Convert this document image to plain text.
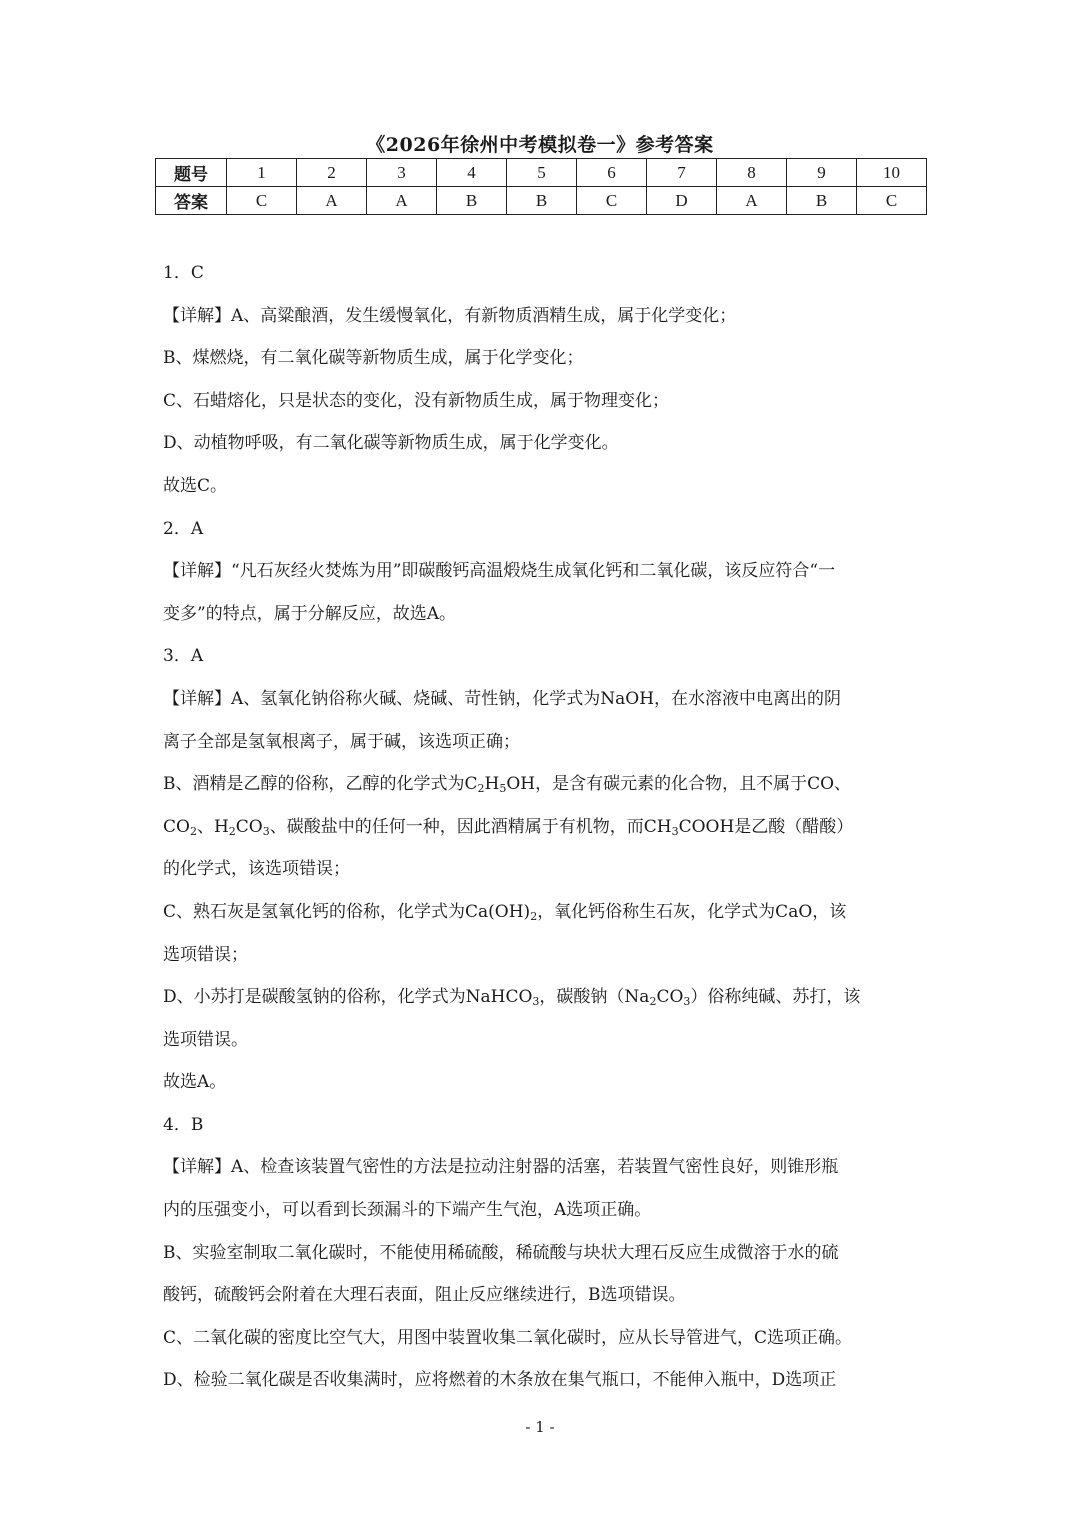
《2026年徐州中考模拟卷一》参考答案
题号	1	2	3	4	5	6	7	8	9	10
答案	C	A	A	B	B	C	D	A	B	C
1．C
【详解】A、高粱酿酒，发生缓慢氧化，有新物质酒精生成，属于化学变化；
B、煤燃烧，有二氧化碳等新物质生成，属于化学变化；
C、石蜡熔化，只是状态的变化，没有新物质生成，属于物理变化；
D、动植物呼吸，有二氧化碳等新物质生成，属于化学变化。
故选C。
2．A
【详解】“凡石灰经火焚炼为用”即碳酸钙高温煅烧生成氧化钙和二氧化碳，该反应符合“一
变多”的特点，属于分解反应，故选A。
3．A
【详解】A、氢氧化钠俗称火碱、烧碱、苛性钠，化学式为NaOH，在水溶液中电离出的阴
离子全部是氢氧根离子，属于碱，该选项正确；
B、酒精是乙醇的俗称，乙醇的化学式为$C_2H_5OH$，是含有碳元素的化合物，且不属于CO、
$CO_2$、$H_2CO_3$、碳酸盐中的任何一种，因此酒精属于有机物，而$CH_3COOH$是乙酸（醋酸）
的化学式，该选项错误；
C、熟石灰是氢氧化钙的俗称，化学式为$Ca(OH)_2$，氧化钙俗称生石灰，化学式为CaO，该
选项错误；
D、小苏打是碳酸氢钠的俗称，化学式为NaHCO$_3$，碳酸钠$(Na_2CO_3)$俗称纯碱、苏打，该
选项错误。
故选A。
4．B
【详解】A、检查该装置气密性的方法是拉动注射器的活塞，若装置气密性良好，则锥形瓶
内的压强变小，可以看到长颈漏斗的下端产生气泡，A选项正确。
B、实验室制取二氧化碳时，不能使用稀硫酸，稀硫酸与块状大理石反应生成微溶于水的硫
酸钙，硫酸钙会附着在大理石表面，阻止反应继续进行，B选项错误。
C、二氧化碳的密度比空气大，用图中装置收集二氧化碳时，应从长导管进气，C选项正确。
D、检验二氧化碳是否收集满时，应将燃着的木条放在集气瓶口，不能伸入瓶中，D选项正
- 1 -
